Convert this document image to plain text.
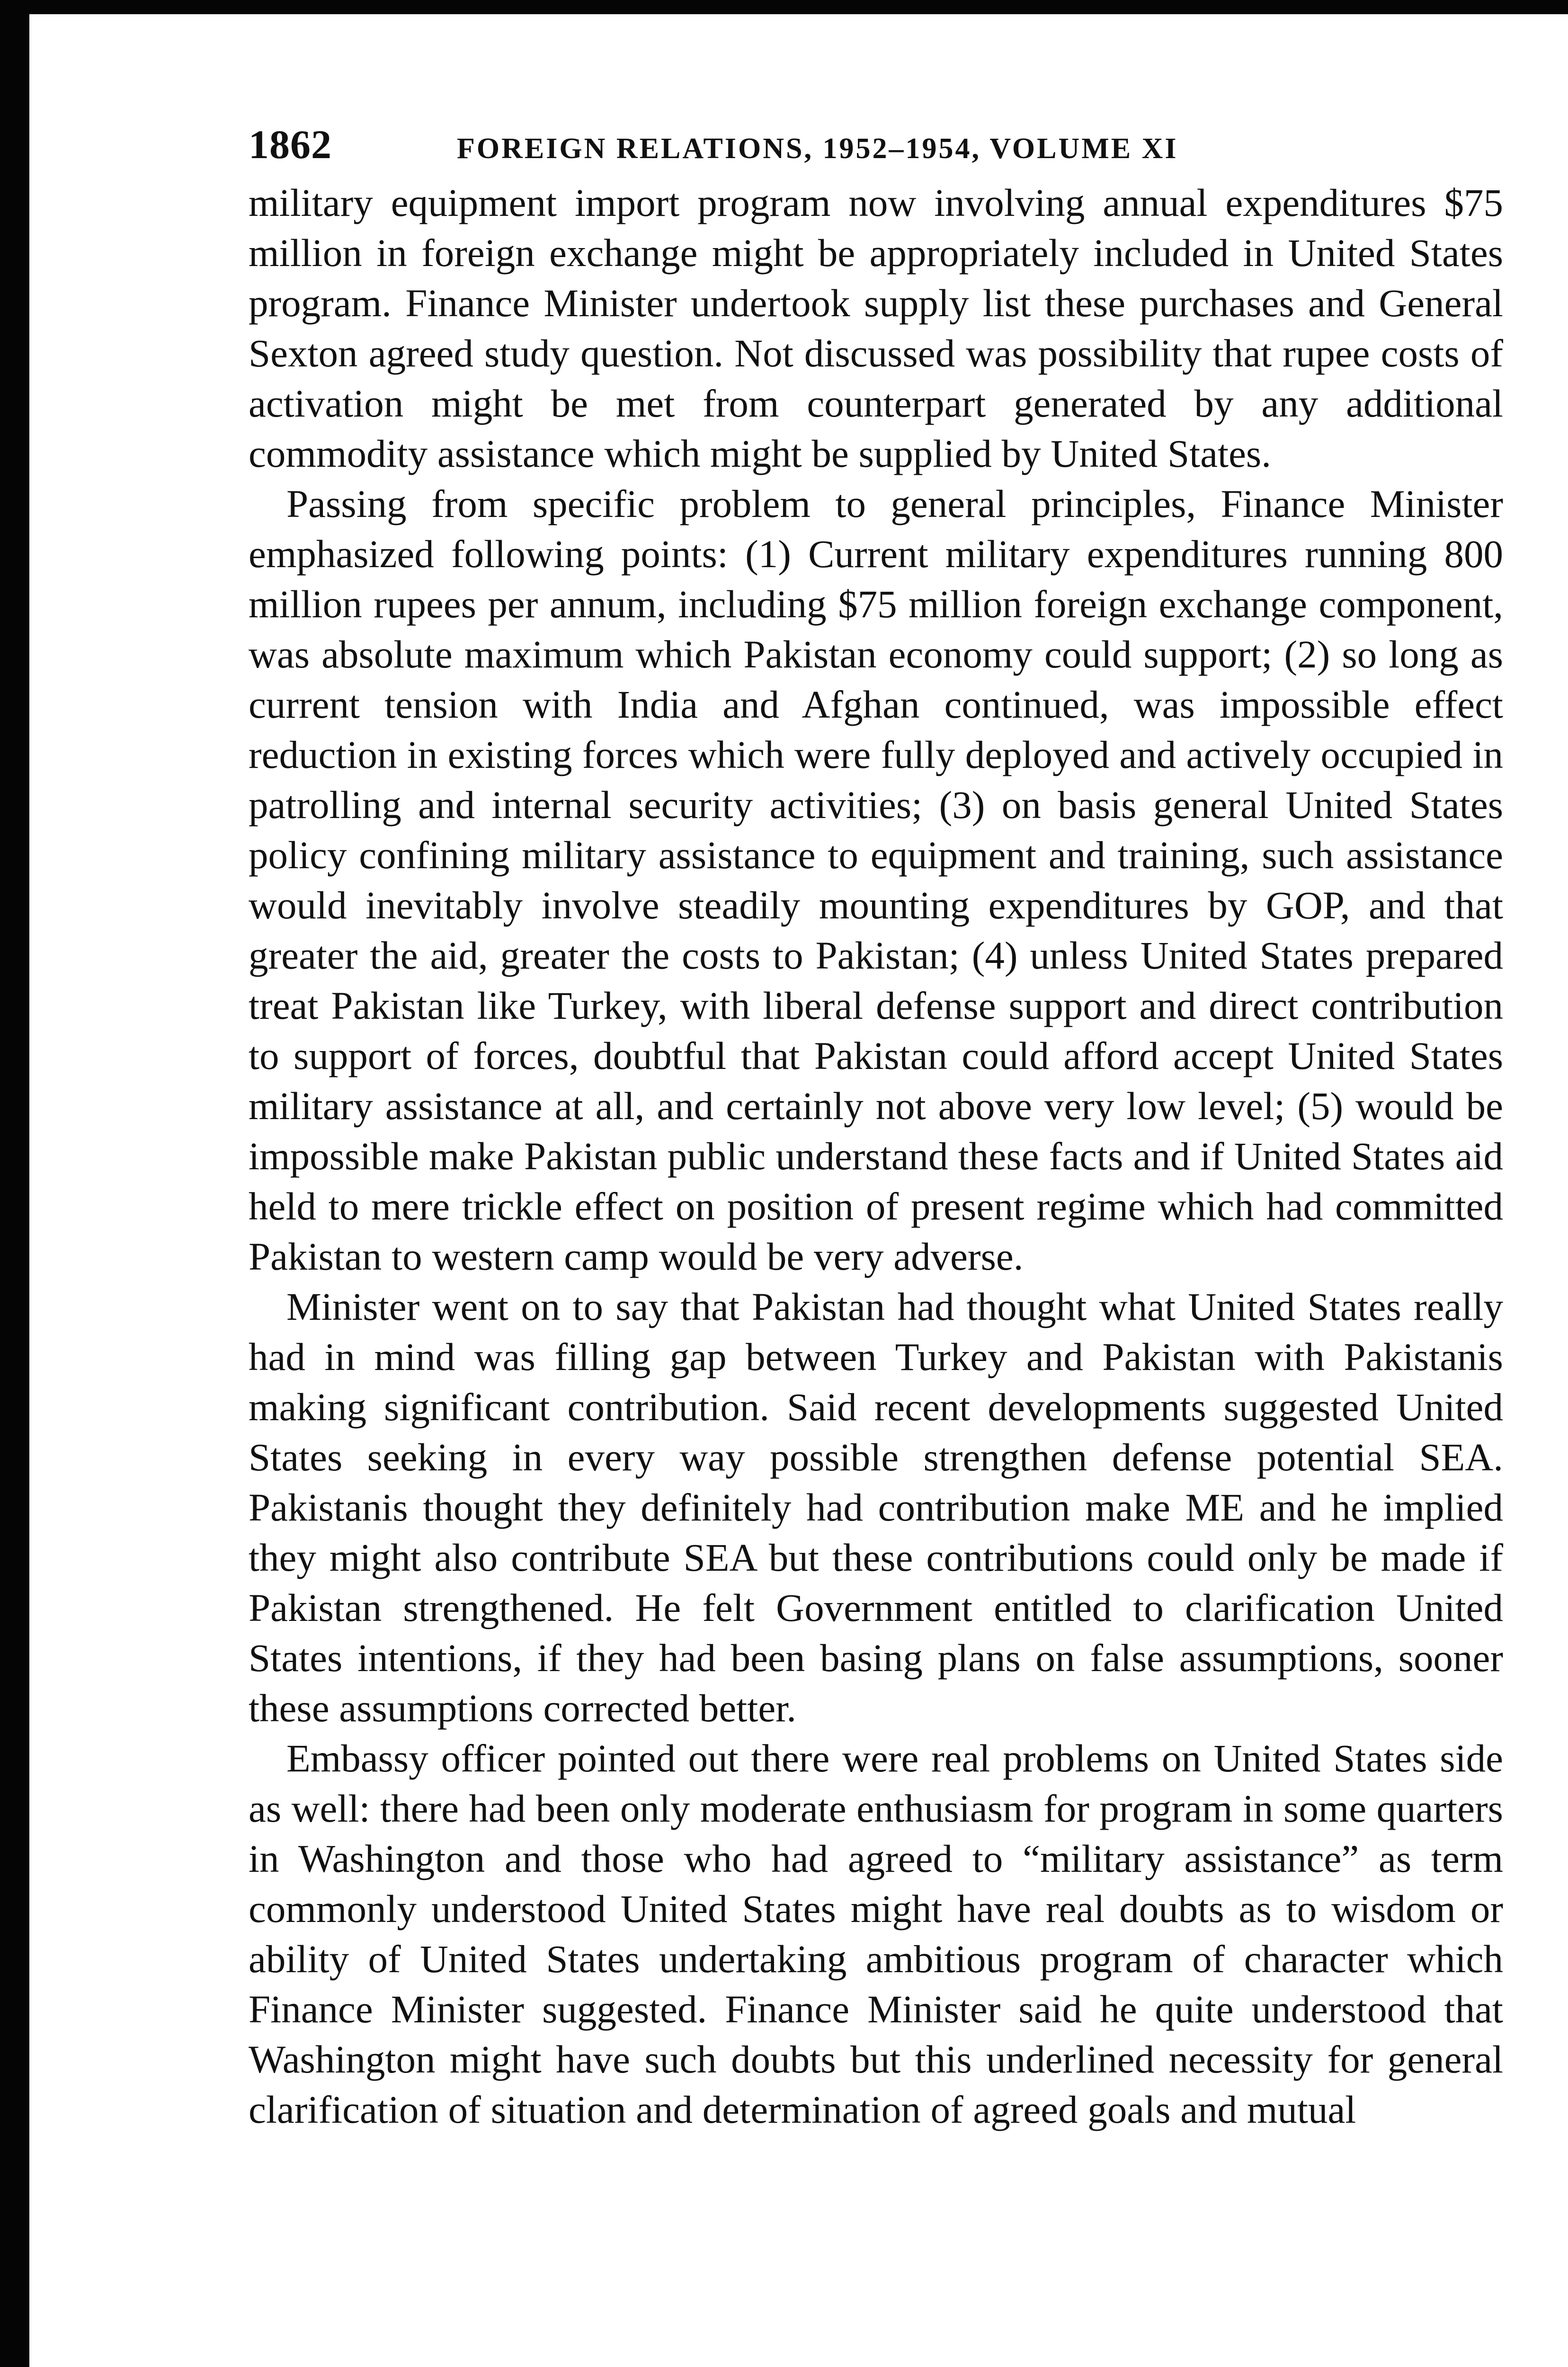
1862	FOREIGN RELATIONS, 1952–1954, VOLUME XI

military equipment import program now involving annual expenditures $75 million in foreign exchange might be appropriately included in United States program. Finance Minister undertook supply list these purchases and General Sexton agreed study question. Not discussed was possibility that rupee costs of activation might be met from counterpart generated by any additional commodity assistance which might be supplied by United States.

Passing from specific problem to general principles, Finance Minister emphasized following points: (1) Current military expenditures running 800 million rupees per annum, including $75 million foreign exchange component, was absolute maximum which Pakistan economy could support; (2) so long as current tension with India and Afghan continued, was impossible effect reduction in existing forces which were fully deployed and actively occupied in patrolling and internal security activities; (3) on basis general United States policy confining military assistance to equipment and training, such assistance would inevitably involve steadily mounting expenditures by GOP, and that greater the aid, greater the costs to Pakistan; (4) unless United States prepared treat Pakistan like Turkey, with liberal defense support and direct contribution to support of forces, doubtful that Pakistan could afford accept United States military assistance at all, and certainly not above very low level; (5) would be impossible make Pakistan public understand these facts and if United States aid held to mere trickle effect on position of present regime which had committed Pakistan to western camp would be very adverse.

Minister went on to say that Pakistan had thought what United States really had in mind was filling gap between Turkey and Pakistan with Pakistanis making significant contribution. Said recent developments suggested United States seeking in every way possible strengthen defense potential SEA. Pakistanis thought they definitely had contribution make ME and he implied they might also contribute SEA but these contributions could only be made if Pakistan strengthened. He felt Government entitled to clarification United States intentions, if they had been basing plans on false assumptions, sooner these assumptions corrected better.

Embassy officer pointed out there were real problems on United States side as well: there had been only moderate enthusiasm for program in some quarters in Washington and those who had agreed to “military assistance” as term commonly understood United States might have real doubts as to wisdom or ability of United States undertaking ambitious program of character which Finance Minister suggested. Finance Minister said he quite understood that Washington might have such doubts but this underlined necessity for general clarification of situation and determination of agreed goals and mutual
